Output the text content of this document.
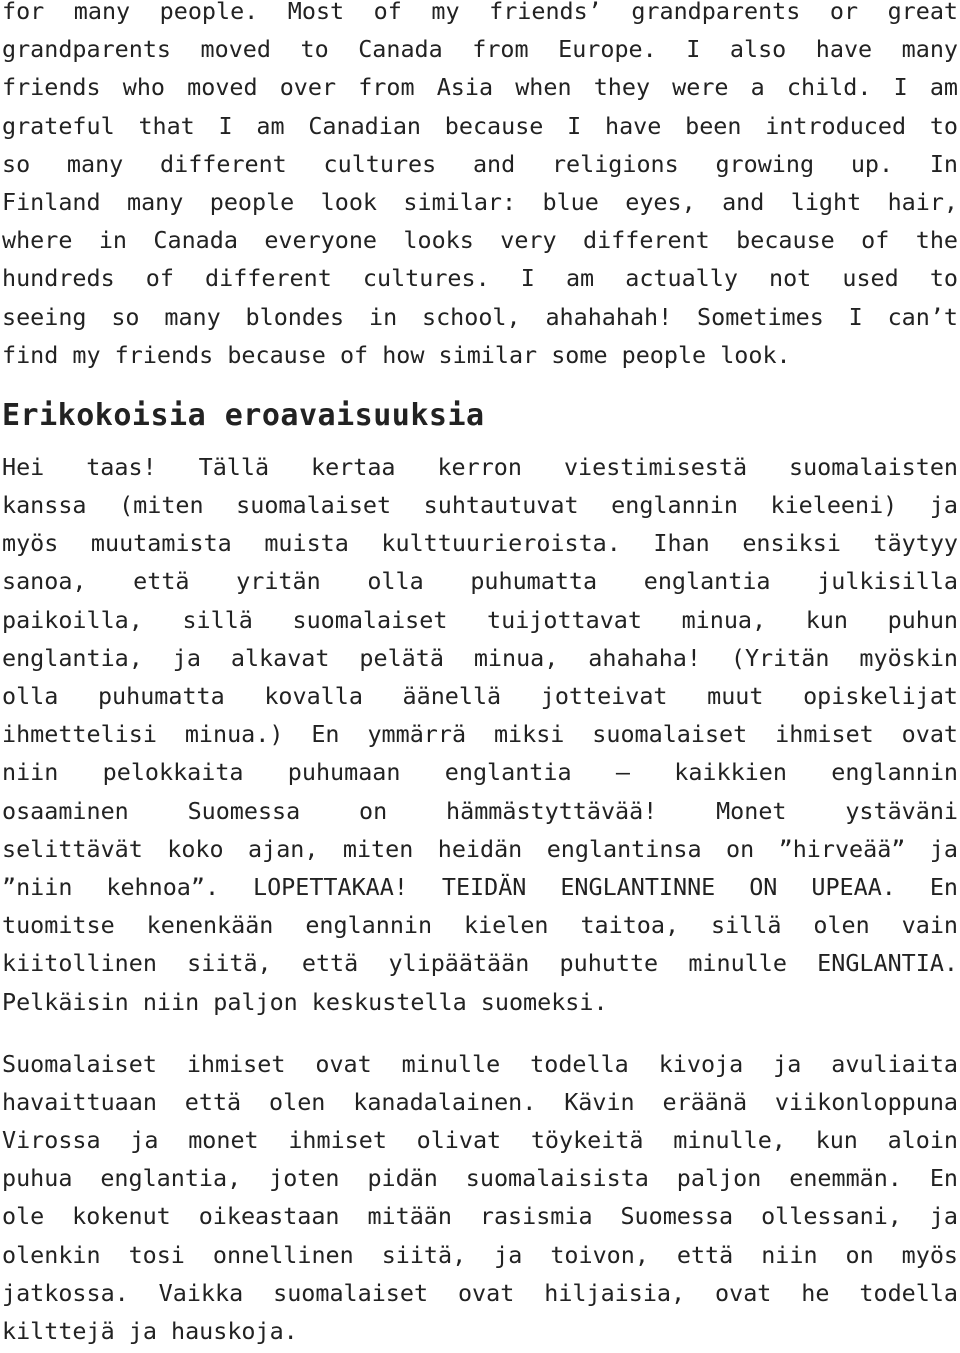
for many people. Most of my friends’ grandparents or great
grandparents moved to Canada from Europe. I also have many
friends who moved over from Asia when they were a child. I am
grateful that I am Canadian because I have been introduced to
so many different cultures and religions growing up. In
Finland many people look similar: blue eyes, and light hair,
where in Canada everyone looks very different because of the
hundreds of different cultures. I am actually not used to
seeing so many blondes in school, ahahahah! Sometimes I can’t
find my friends because of how similar some people look.
Erikokoisia eroavaisuuksia
Hei taas! Tällä kertaa kerron viestimisestä suomalaisten
kanssa (miten suomalaiset suhtautuvat englannin kieleeni) ja
myös muutamista muista kulttuurieroista. Ihan ensiksi täytyy
sanoa, että yritän olla puhumatta englantia julkisilla
paikoilla, sillä suomalaiset tuijottavat minua, kun puhun
englantia, ja alkavat pelätä minua, ahahaha! (Yritän myöskin
olla puhumatta kovalla äänellä jotteivat muut opiskelijat
ihmettelisi minua.) En ymmärrä miksi suomalaiset ihmiset ovat
niin pelokkaita puhumaan englantia – kaikkien englannin
osaaminen Suomessa on hämmästyttävää! Monet ystäväni
selittävät koko ajan, miten heidän englantinsa on ”hirveää” ja
”niin kehnoa”. LOPETTAKAA! TEIDÄN ENGLANTINNE ON UPEAA. En
tuomitse kenenkään englannin kielen taitoa, sillä olen vain
kiitollinen siitä, että ylipäätään puhutte minulle ENGLANTIA.
Pelkäisin niin paljon keskustella suomeksi.
Suomalaiset ihmiset ovat minulle todella kivoja ja avuliaita
havaittuaan että olen kanadalainen. Kävin eräänä viikonloppuna
Virossa ja monet ihmiset olivat töykeitä minulle, kun aloin
puhua englantia, joten pidän suomalaisista paljon enemmän. En
ole kokenut oikeastaan mitään rasismia Suomessa ollessani, ja
olenkin tosi onnellinen siitä, ja toivon, että niin on myös
jatkossa. Vaikka suomalaiset ovat hiljaisia, ovat he todella
kilttejä ja hauskoja.
